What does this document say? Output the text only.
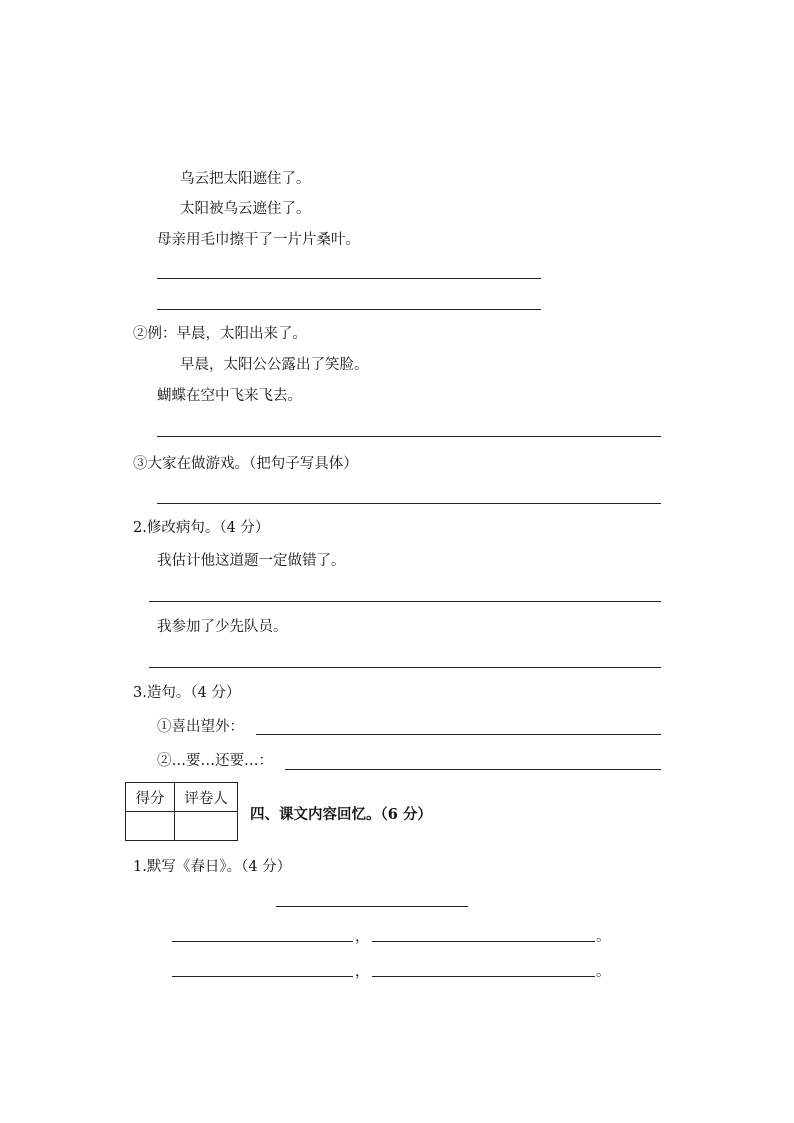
乌云把太阳遮住了。
太阳被乌云遮住了。
母亲用毛巾擦干了一片片桑叶。
②例：早晨，太阳出来了。
早晨，太阳公公露出了笑脸。
蝴蝶在空中飞来飞去。
③大家在做游戏。（把句子写具体）
2.修改病句。（4 分）
我估计他这道题一定做错了。
我参加了少先队员。
3.造句。（4 分）
①喜出望外：
②…要…还要…：
得分	评卷人

四、课文内容回忆。（6 分）
1.默写《春日》。（4 分）
，	。
，	。
